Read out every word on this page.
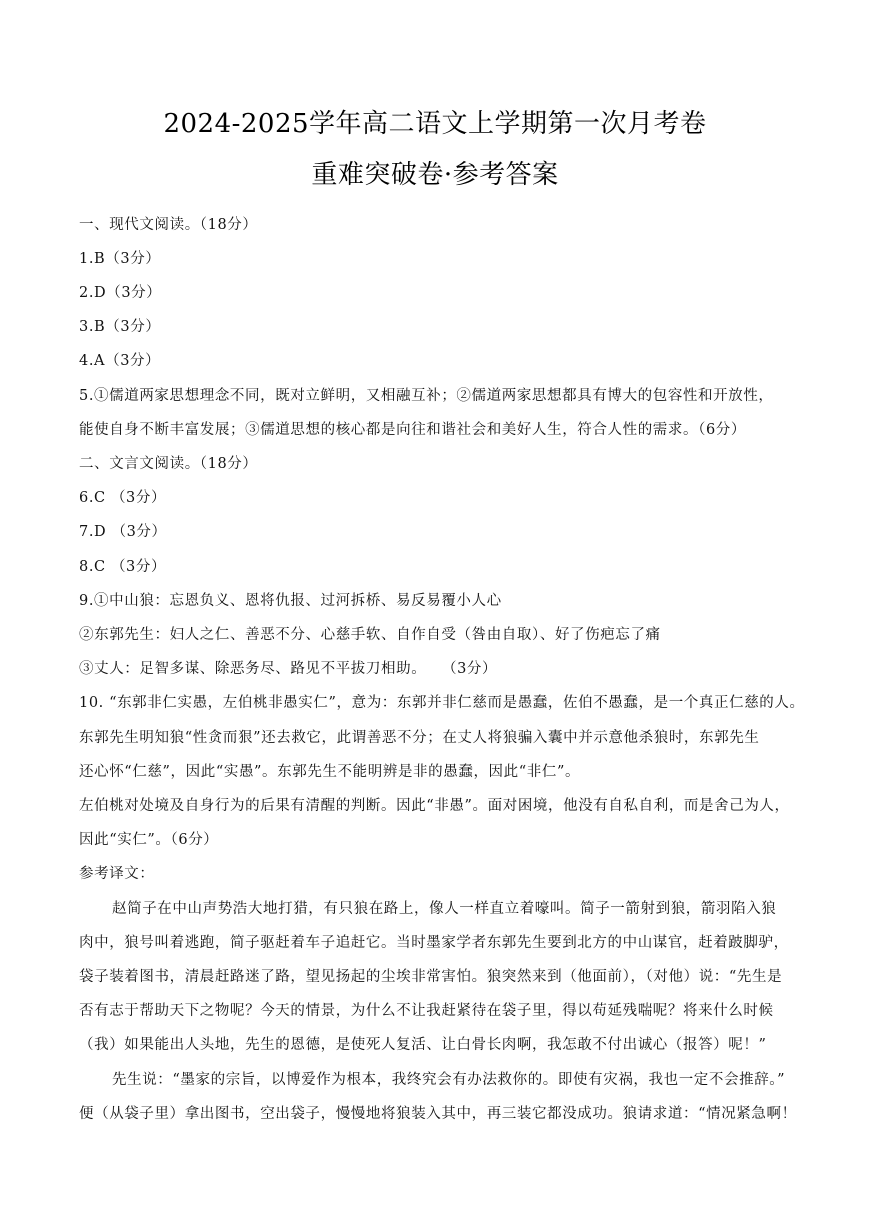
2024-2025学年高二语文上学期第一次月考卷
重难突破卷·参考答案
一、现代文阅读。（18分）
1.B（3分）
2.D（3分）
3.B（3分）
4.A（3分）
5.①儒道两家思想理念不同，既对立鲜明，又相融互补；②儒道两家思想都具有博大的包容性和开放性，
能使自身不断丰富发展；③儒道思想的核心都是向往和谐社会和美好人生，符合人性的需求。（6分）
二、文言文阅读。（18分）
6.C （3分）
7.D （3分）
8.C （3分）
9.①中山狼：忘恩负义、恩将仇报、过河拆桥、易反易覆小人心
②东郭先生：妇人之仁、善恶不分、心慈手软、自作自受（咎由自取）、好了伤疤忘了痛
③丈人：足智多谋、除恶务尽、路见不平拔刀相助。　　（3分）
10. “东郭非仁实愚，左伯桃非愚实仁”，意为：东郭并非仁慈而是愚蠢，佐伯不愚蠢，是一个真正仁慈的人。
东郭先生明知狼“性贪而狠”还去救它，此谓善恶不分；在丈人将狼骗入囊中并示意他杀狼时，东郭先生
还心怀“仁慈”，因此“实愚”。东郭先生不能明辨是非的愚蠢，因此“非仁”。
左伯桃对处境及自身行为的后果有清醒的判断。因此“非愚”。面对困境，他没有自私自利，而是舍己为人，
因此“实仁”。（6分）
参考译文：
赵简子在中山声势浩大地打猎，有只狼在路上，像人一样直立着嚎叫。简子一箭射到狼，箭羽陷入狼
肉中，狼号叫着逃跑，简子驱赶着车子追赶它。当时墨家学者东郭先生要到北方的中山谋官，赶着跛脚驴，
袋子装着图书，清晨赶路迷了路，望见扬起的尘埃非常害怕。狼突然来到（他面前），（对他）说：“先生是
否有志于帮助天下之物呢？今天的情景，为什么不让我赶紧待在袋子里，得以苟延残喘呢？将来什么时候
（我）如果能出人头地，先生的恩德，是使死人复活、让白骨长肉啊，我怎敢不付出诚心（报答）呢！”
先生说：“墨家的宗旨，以博爱作为根本，我终究会有办法救你的。即使有灾祸，我也一定不会推辞。”
便（从袋子里）拿出图书，空出袋子，慢慢地将狼装入其中，再三装它都没成功。狼请求道：“情况紧急啊！
